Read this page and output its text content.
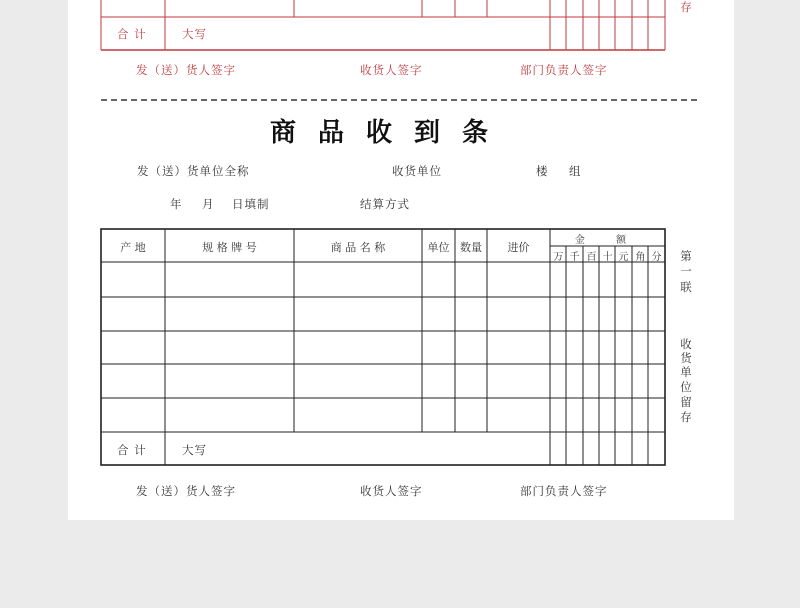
合 计	大写
存
发（送）货人签字	收货人签字	部门负责人签字
商品收到条
发（送）货单位全称	收货单位	楼 组
年 月 日填制	结算方式
产 地	规 格 牌 号	商 品 名 称	单位 数量	进价
金 额
万 千 百 十 元 角 分
合 计	大写
第
一
联
收
货
单
位
留
存
发（送）货人签字	收货人签字	部门负责人签字
